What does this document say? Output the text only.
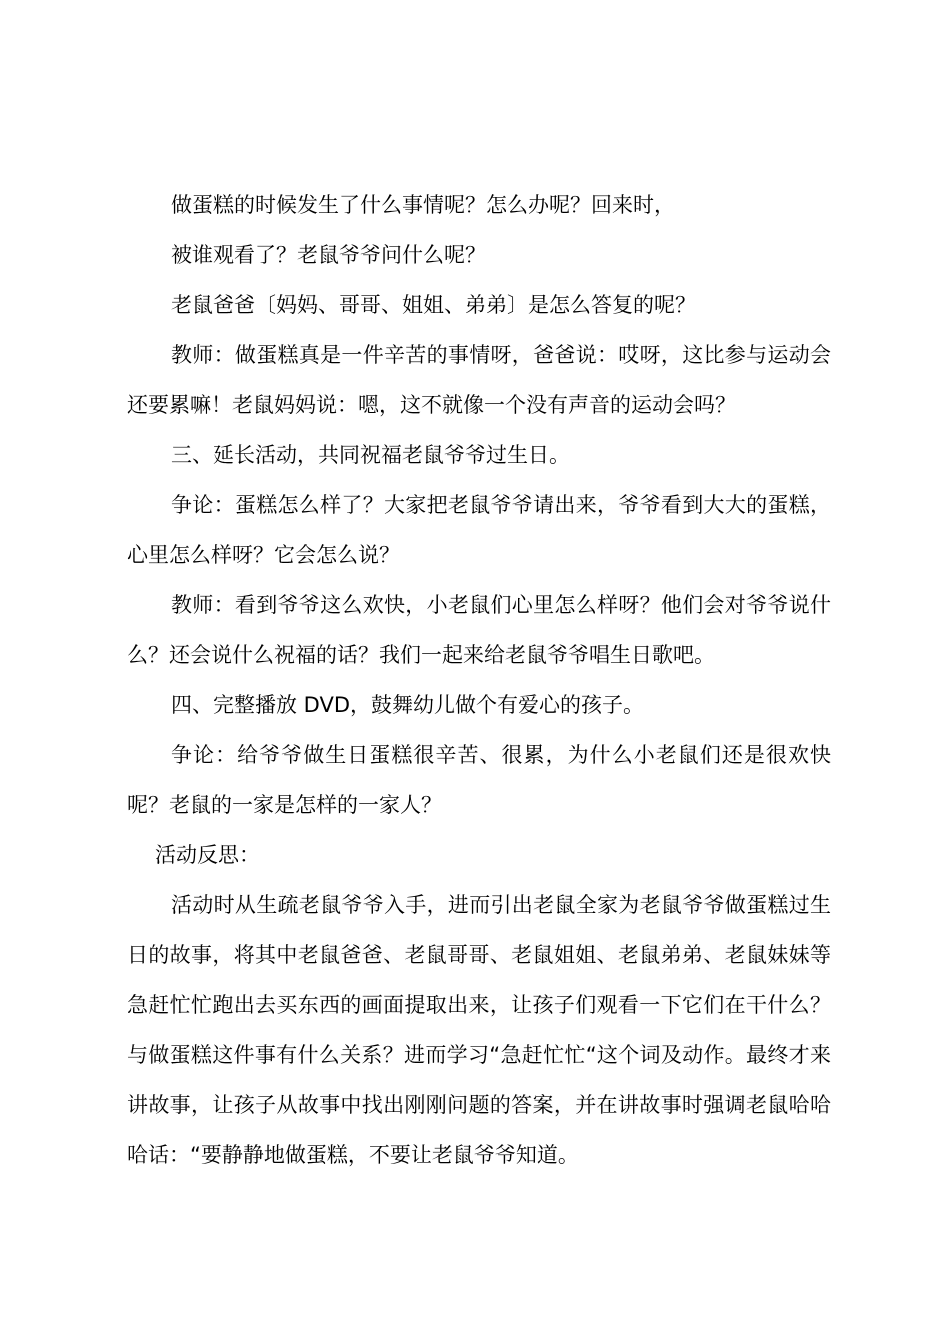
做蛋糕的时候发生了什么事情呢？怎么办呢？回来时，

被谁观看了？老鼠爷爷问什么呢？

老鼠爸爸〔妈妈、哥哥、姐姐、弟弟〕是怎么答复的呢？

教师：做蛋糕真是一件辛苦的事情呀，爸爸说：哎呀，这比参与运动会还要累嘛！老鼠妈妈说：嗯，这不就像一个没有声音的运动会吗？

三、延长活动，共同祝福老鼠爷爷过生日。

争论：蛋糕怎么样了？大家把老鼠爷爷请出来，爷爷看到大大的蛋糕，心里怎么样呀？它会怎么说？

教师：看到爷爷这么欢快，小老鼠们心里怎么样呀？他们会对爷爷说什么？还会说什么祝福的话？我们一起来给老鼠爷爷唱生日歌吧。

四、完整播放 DVD，鼓舞幼儿做个有爱心的孩子。

争论：给爷爷做生日蛋糕很辛苦、很累，为什么小老鼠们还是很欢快呢？老鼠的一家是怎样的一家人？

活动反思：

活动时从生疏老鼠爷爷入手，进而引出老鼠全家为老鼠爷爷做蛋糕过生日的故事，将其中老鼠爸爸、老鼠哥哥、老鼠姐姐、老鼠弟弟、老鼠妹妹等急赶忙忙跑出去买东西的画面提取出来，让孩子们观看一下它们在干什么？与做蛋糕这件事有什么关系？进而学习“急赶忙忙“这个词及动作。最终才来讲故事，让孩子从故事中找出刚刚问题的答案，并在讲故事时强调老鼠哈哈哈话：“要静静地做蛋糕，不要让老鼠爷爷知道。
